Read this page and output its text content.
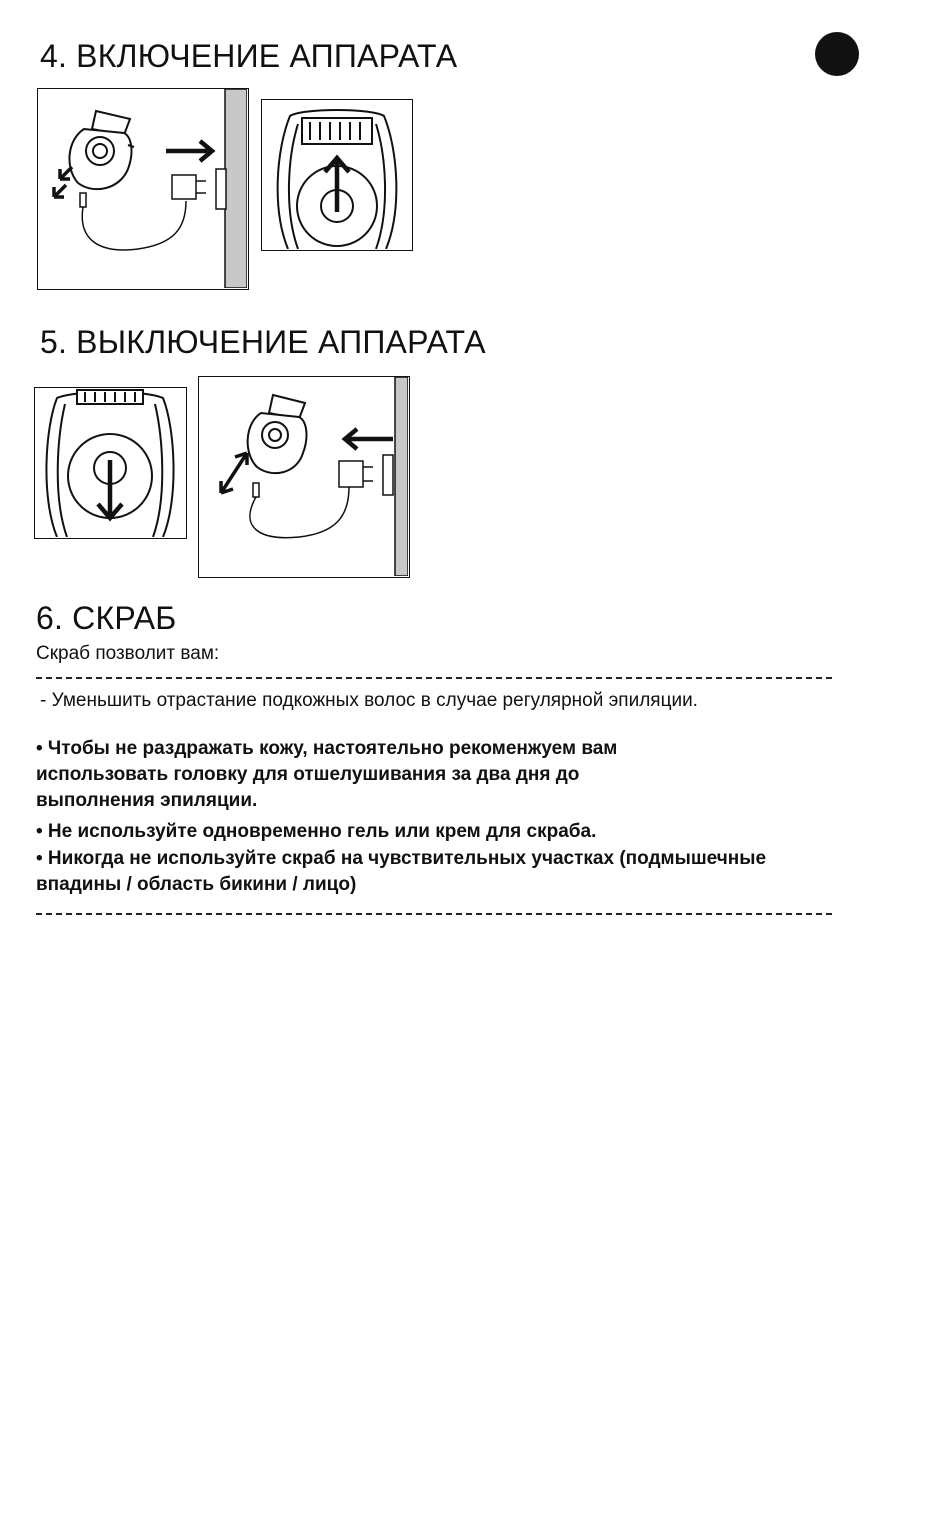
4. ВКЛЮЧЕНИЕ АППАРАТА
5. ВЫКЛЮЧЕНИЕ АППАРАТА
6. СКРАБ
Скраб позволит вам:
- Уменьшить отрастание подкожных волос в случае регулярной эпиляции.
• Чтобы не раздражать кожу, настоятельно рекоменжуем вам использовать головку для отшелушивания за два дня до выполнения эпиляции.
• Не используйте одновременно гель или крем для скраба.
• Никогда не используйте скраб на чувствительных участках (подмышечные впадины / область бикини / лицо)
